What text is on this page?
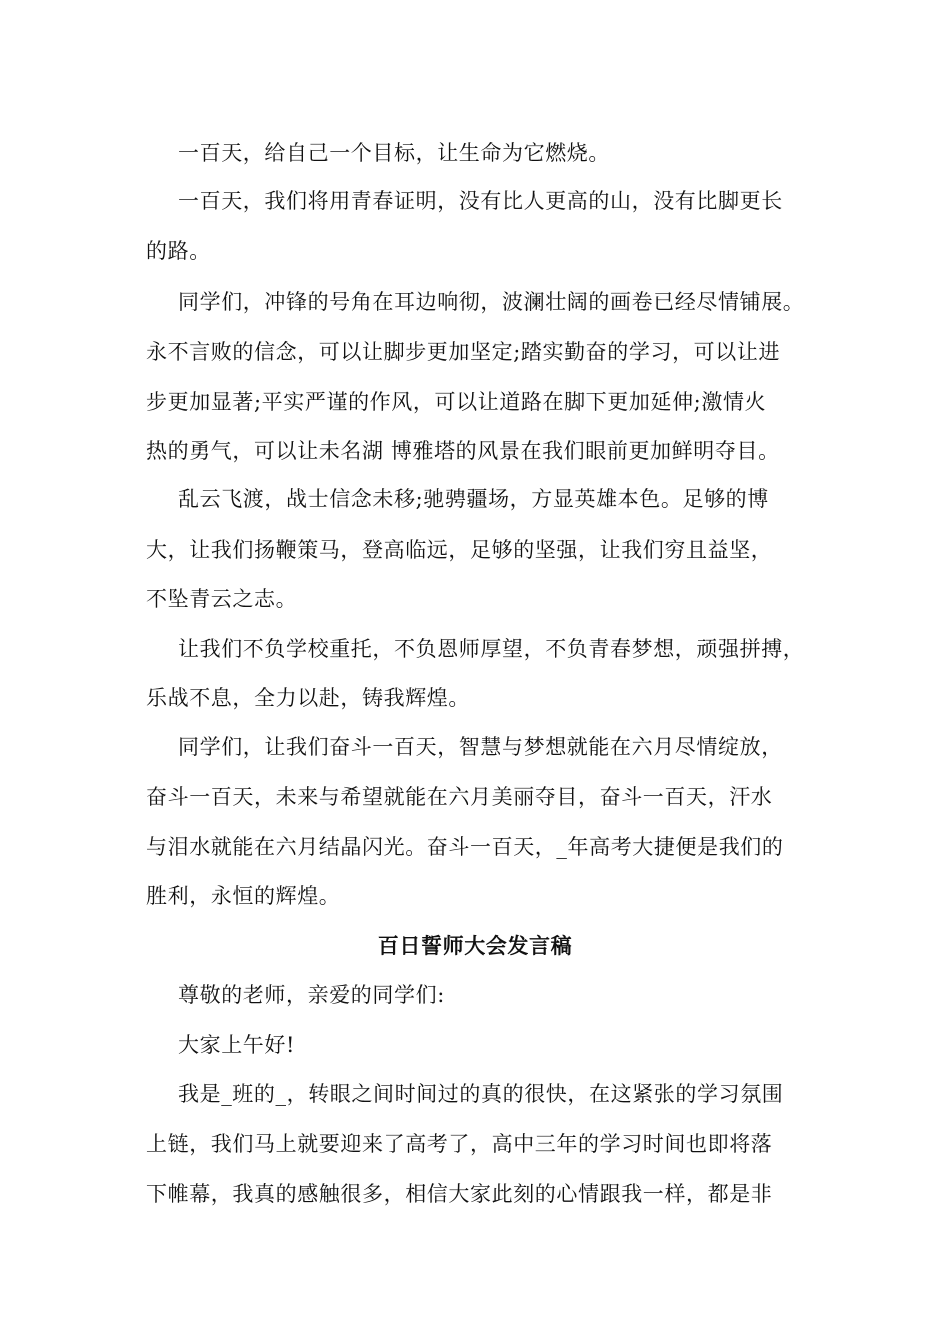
一百天，给自己一个目标，让生命为它燃烧。
一百天，我们将用青春证明，没有比人更高的山，没有比脚更长
的路。
同学们，冲锋的号角在耳边响彻，波澜壮阔的画卷已经尽情铺展。
永不言败的信念，可以让脚步更加坚定;踏实勤奋的学习，可以让进
步更加显著;平实严谨的作风，可以让道路在脚下更加延伸;激情火
热的勇气，可以让未名湖 博雅塔的风景在我们眼前更加鲜明夺目。
乱云飞渡，战士信念未移;驰骋疆场，方显英雄本色。足够的博
大，让我们扬鞭策马，登高临远，足够的坚强，让我们穷且益坚，
不坠青云之志。
让我们不负学校重托，不负恩师厚望，不负青春梦想，顽强拼搏，
乐战不息，全力以赴，铸我辉煌。
同学们，让我们奋斗一百天，智慧与梦想就能在六月尽情绽放，
奋斗一百天，未来与希望就能在六月美丽夺目，奋斗一百天，汗水
与泪水就能在六月结晶闪光。奋斗一百天，_年高考大捷便是我们的
胜利，永恒的辉煌。
百日誓师大会发言稿
尊敬的老师，亲爱的同学们:
大家上午好!
我是_班的_，转眼之间时间过的真的很快，在这紧张的学习氛围
上链，我们马上就要迎来了高考了，高中三年的学习时间也即将落
下帷幕，我真的感触很多，相信大家此刻的心情跟我一样，都是非
